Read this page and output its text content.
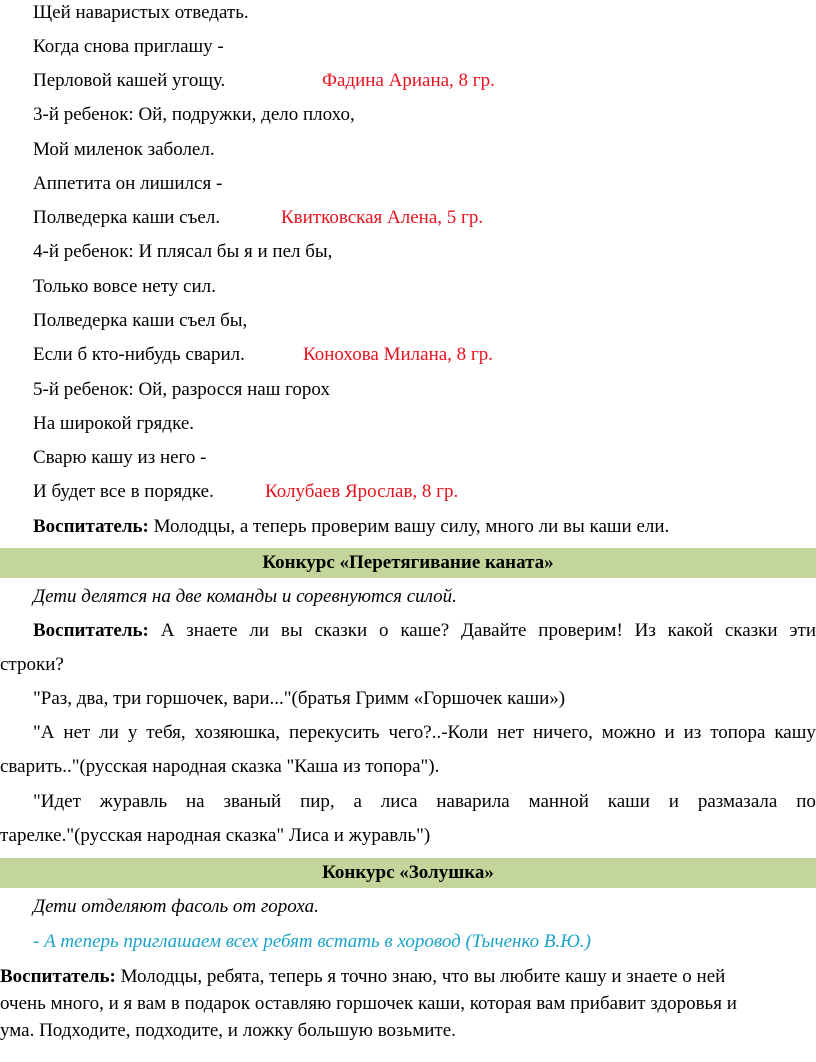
Щей наваристых отведать.
Когда снова приглашу -
Перловой кашей угощу.	Фадина Ариана, 8 гр.
3-й ребенок: Ой, подружки, дело плохо,
Мой миленок заболел.
Аппетита он лишился -
Полведерка каши съел.	Квитковская Алена, 5 гр.
4-й ребенок: И плясал бы я и пел бы,
Только вовсе нету сил.
Полведерка каши съел бы,
Если б кто-нибудь сварил.	Конохова Милана, 8 гр.
5-й ребенок: Ой, разросся наш горох
На широкой грядке.
Сварю кашу из него -
И будет все в порядке.	Колубаев Ярослав, 8 гр.
Воспитатель: Молодцы, а теперь проверим вашу силу, много ли вы каши ели.
Конкурс «Перетягивание каната»
Дети делятся на две команды и соревнуются силой.
Воспитатель: А знаете ли вы сказки о каше? Давайте проверим! Из какой сказки эти
строки?
"Раз, два, три горшочек, вари..."(братья Гримм «Горшочек каши»)
"А нет ли у тебя, хозяюшка, перекусить чего?..-Коли нет ничего, можно и из топора кашу
сварить.."(русская народная сказка "Каша из топора").
"Идет журавль на званый пир, а лиса наварила манной каши и размазала по
тарелке."(русская народная сказка" Лиса и журавль")
Конкурс «Золушка»
Дети отделяют фасоль от гороха.
- А теперь приглашаем всех ребят встать в хоровод (Тыченко В.Ю.)
Воспитатель: Молодцы, ребята, теперь я точно знаю, что вы любите кашу и знаете о ней
очень много, и я вам в подарок оставляю горшочек каши, которая вам прибавит здоровья и
ума. Подходите, подходите, и ложку большую возьмите.
